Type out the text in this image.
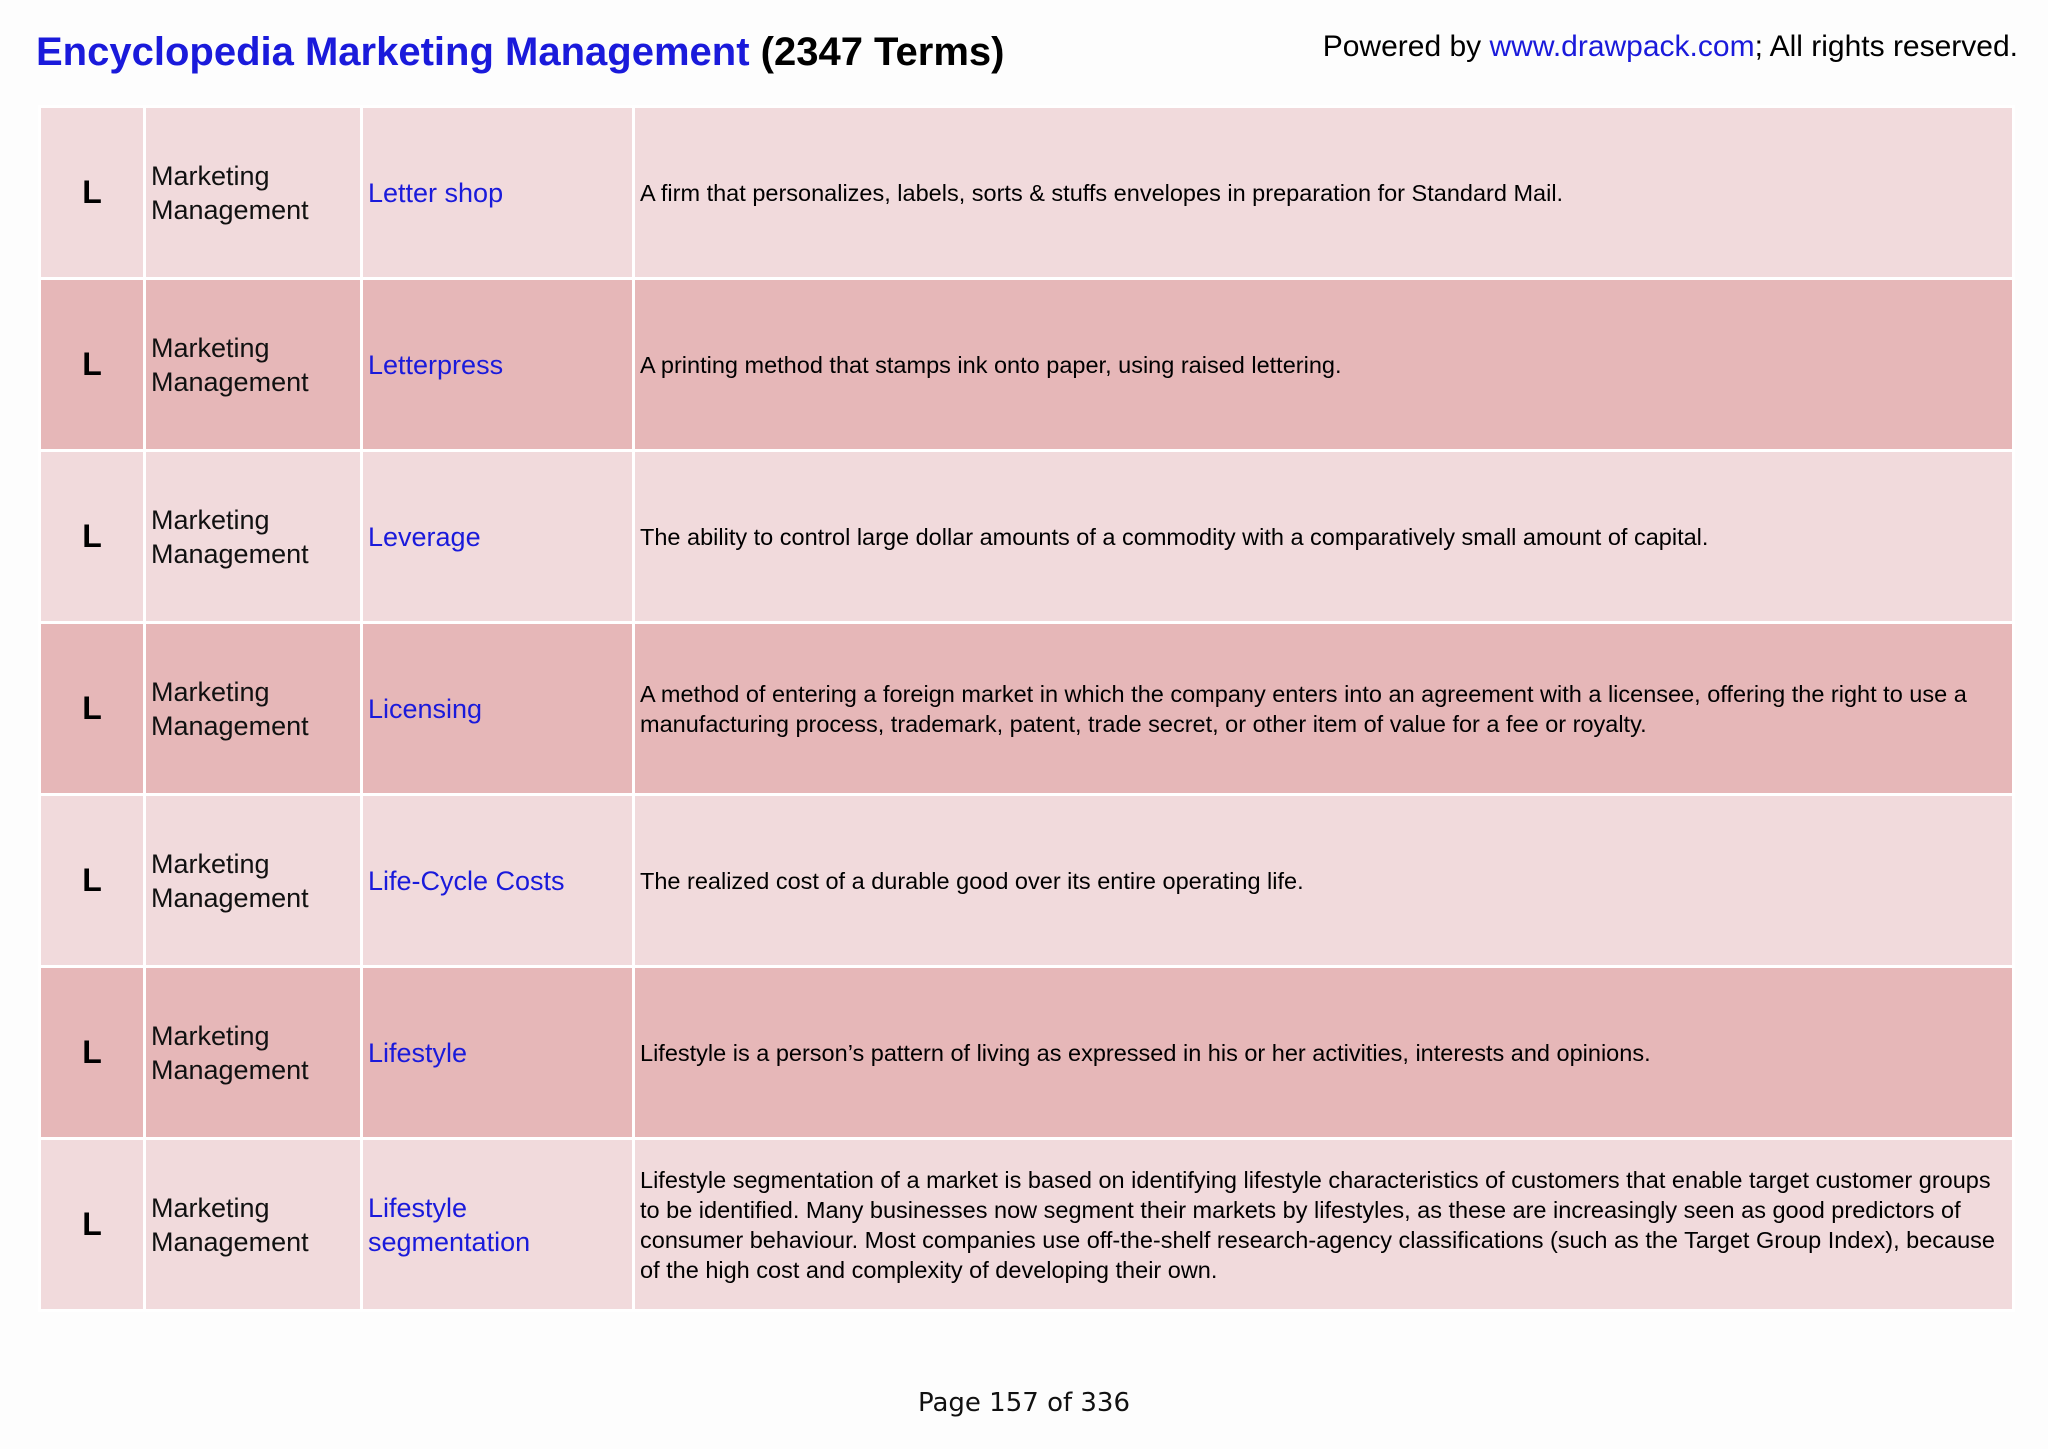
Encyclopedia Marketing Management (2347 Terms)	Powered by www.drawpack.com; All rights reserved.
L	Marketing Management	Letter shop	A firm that personalizes, labels, sorts & stuffs envelopes in preparation for Standard Mail.
L	Marketing Management	Letterpress	A printing method that stamps ink onto paper, using raised lettering.
L	Marketing Management	Leverage	The ability to control large dollar amounts of a commodity with a comparatively small amount of capital.
L	Marketing Management	Licensing	A method of entering a foreign market in which the company enters into an agreement with a licensee, offering the right to use a manufacturing process, trademark, patent, trade secret, or other item of value for a fee or royalty.
L	Marketing Management	Life-Cycle Costs	The realized cost of a durable good over its entire operating life.
L	Marketing Management	Lifestyle	Lifestyle is a person’s pattern of living as expressed in his or her activities, interests and opinions.
L	Marketing Management	Lifestyle segmentation	Lifestyle segmentation of a market is based on identifying lifestyle characteristics of customers that enable target customer groups to be identified. Many businesses now segment their markets by lifestyles, as these are increasingly seen as good predictors of consumer behaviour. Most companies use off-the-shelf research-agency classifications (such as the Target Group Index), because of the high cost and complexity of developing their own.
Page 157 of 336
